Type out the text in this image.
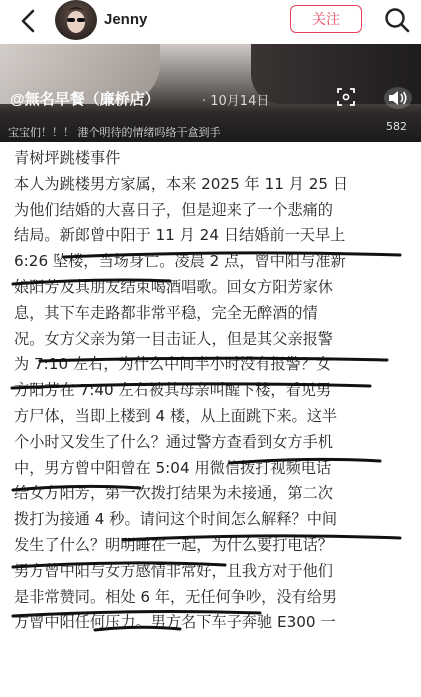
Jenny	关注
@無名早餐（廉桥店）	· 10月14日
宝宝们！！！ 港个明待的情绪吗络干盒到手	582
青树坪跳楼事件
本人为跳楼男方家属，本来 2025 年 11 月 25 日
为他们结婚的大喜日子，但是迎来了一个悲痛的
结局。新郎曾中阳于 11 月 24 日结婚前一天早上
6:26 坠楼，当场身亡。凌晨 2 点，曾中阳与准新
娘阳芳及其朋友结束喝酒唱歌。回女方阳芳家休
息，其下车走路都非常平稳，完全无醉酒的情
况。女方父亲为第一目击证人，但是其父亲报警
为 7:10 左右，为什么中间半小时没有报警？女
方阳芳在 7:40 左右被其母亲叫醒下楼，看见男
方尸体，当即上楼到 4 楼，从上面跳下来。这半
个小时又发生了什么？通过警方查看到女方手机
中，男方曾中阳曾在 5:04 用微信拨打视频电话
给女方阳芳，第一次拨打结果为未接通，第二次
拨打为接通 4 秒。请问这个时间怎么解释？中间
发生了什么？明明睡在一起，为什么要打电话？
男方曾中阳与女方感情非常好，且我方对于他们
是非常赞同。相处 6 年，无任何争吵，没有给男
方曾中阳任何压力。男方名下车子奔驰 E300 一
